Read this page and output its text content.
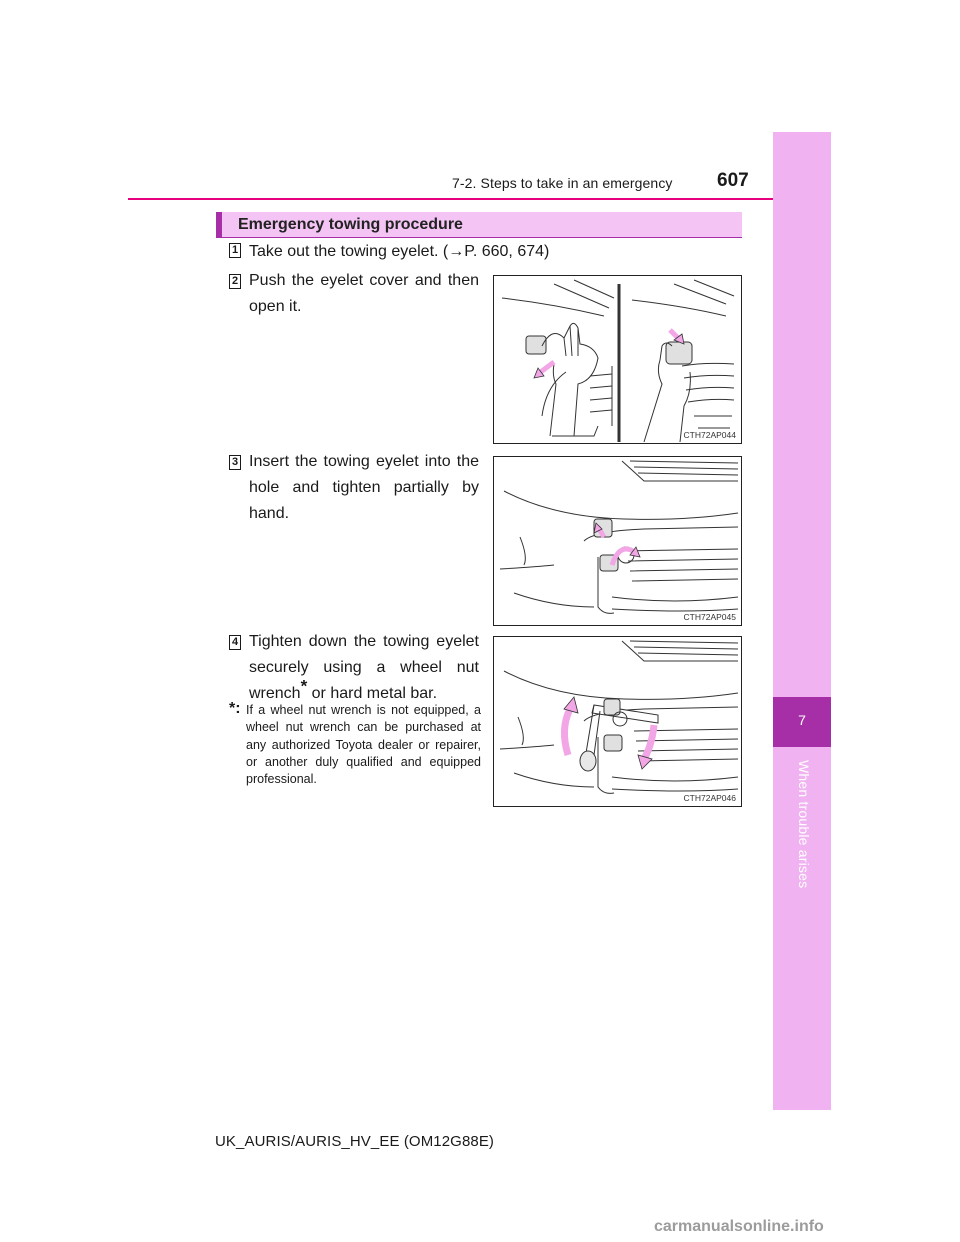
7-2. Steps to take in an emergency 607
7
When trouble arises
Emergency towing procedure
1 Take out the towing eyelet. (→P. 660, 674)
2 Push the eyelet cover and then open it.
CTH72AP044
3 Insert the towing eyelet into the hole and tighten partially by hand.
CTH72AP045
4 Tighten down the towing eyelet securely using a wheel nut wrench* or hard metal bar.
*: If a wheel nut wrench is not equipped, a wheel nut wrench can be purchased at any authorized Toyota dealer or repairer, or another duly qualified and equipped professional.
CTH72AP046
UK_AURIS/AURIS_HV_EE (OM12G88E)
carmanualsonline.info
